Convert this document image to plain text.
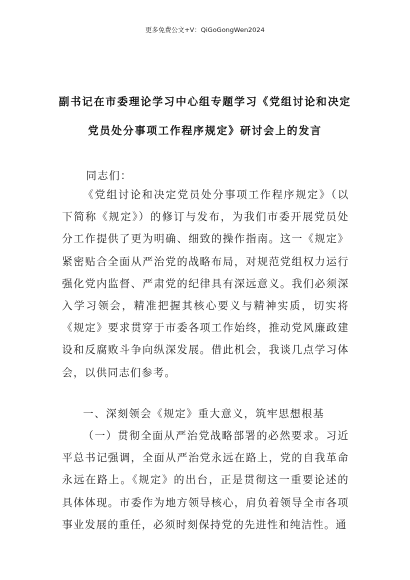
更多免费公文+V：QiGoGongWen2024
副书记在市委理论学习中心组专题学习《党组讨论和决定
党员处分事项工作程序规定》研讨会上的发言
同志们：

《党组讨论和决定党员处分事项工作程序规定》（以下简称《规定》）的修订与发布，为我们市委开展党员处分工作提供了更为明确、细致的操作指南。这一《规定》紧密贴合全面从严治党的战略布局，对规范党组权力运行强化党内监督、严肃党的纪律具有深远意义。我们必须深入学习领会，精准把握其核心要义与精神实质，切实将《规定》要求贯穿于市委各项工作始终，推动党风廉政建设和反腐败斗争向纵深发展。借此机会，我谈几点学习体会，以供同志们参考。

一、深刻领会《规定》重大意义，筑牢思想根基

（一）贯彻全面从严治党战略部署的必然要求。习近平总书记强调，全面从严治党永远在路上，党的自我革命永远在路上。《规定》的出台，正是贯彻这一重要论述的具体体现。市委作为地方领导核心，肩负着领导全市各项事业发展的重任，必须时刻保持党的先进性和纯洁性。通
